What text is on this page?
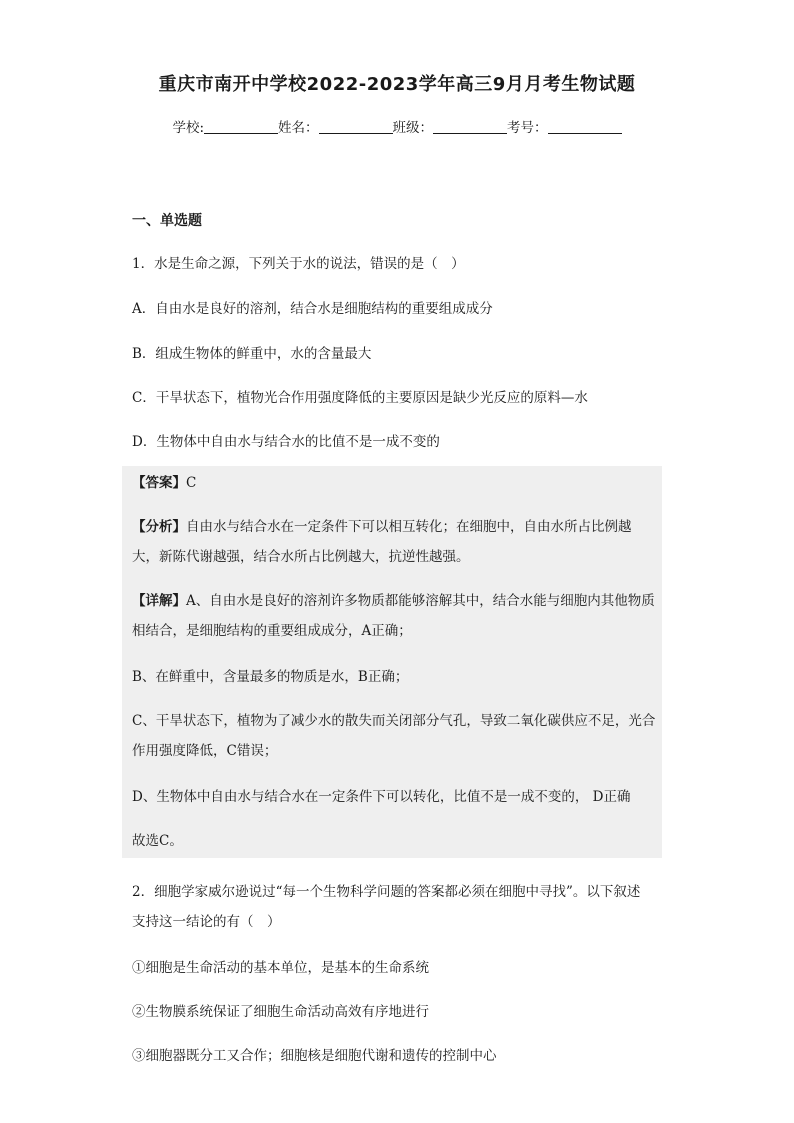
重庆市南开中学校2022-2023学年高三9月月考生物试题
学校:	姓名：	班级：	考号：
一、单选题
1．水是生命之源，下列关于水的说法，错误的是（　）
A．自由水是良好的溶剂，结合水是细胞结构的重要组成成分
B．组成生物体的鲜重中，水的含量最大
C．干旱状态下，植物光合作用强度降低的主要原因是缺少光反应的原料—水
D．生物体中自由水与结合水的比值不是一成不变的
【答案】C
【分析】自由水与结合水在一定条件下可以相互转化；在细胞中，自由水所占比例越大，新陈代谢越强，结合水所占比例越大，抗逆性越强。
【详解】A、自由水是良好的溶剂许多物质都能够溶解其中，结合水能与细胞内其他物质相结合，是细胞结构的重要组成成分，A正确；
B、在鲜重中，含量最多的物质是水，B正确；
C、干旱状态下，植物为了减少水的散失而关闭部分气孔，导致二氧化碳供应不足，光合作用强度降低，C错误；
D、生物体中自由水与结合水在一定条件下可以转化，比值不是一成不变的， D正确
故选C。
2．细胞学家威尔逊说过“每一个生物科学问题的答案都必须在细胞中寻找”。以下叙述
支持这一结论的有（　）
①细胞是生命活动的基本单位，是基本的生命系统
②生物膜系统保证了细胞生命活动高效有序地进行
③细胞器既分工又合作；细胞核是细胞代谢和遗传的控制中心
